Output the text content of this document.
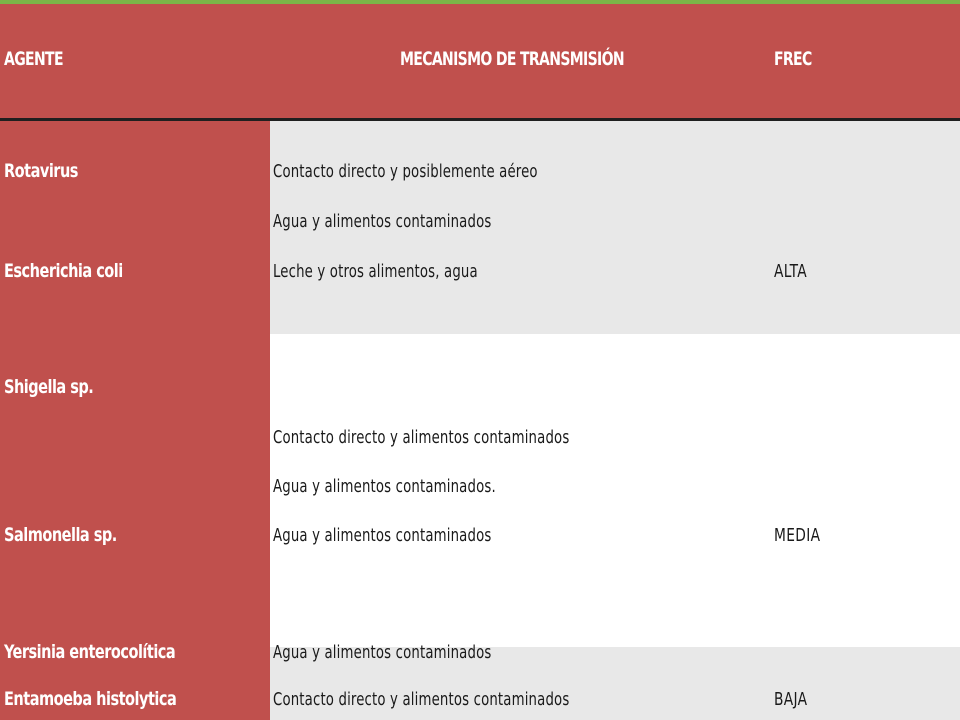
AGENTE	MECANISMO DE TRANSMISIÓN	FREC
Rotavirus
Escherichia coli
Shigella sp.
Salmonella sp.
Yersinia enterocolítica
Entamoeba histolytica
Contacto directo y posiblemente aéreo
Agua y alimentos contaminados
Leche y otros alimentos, agua
Contacto directo y alimentos contaminados
Agua y alimentos contaminados.
Agua y alimentos contaminados
Agua y alimentos contaminados
Contacto directo y alimentos contaminados
ALTA
MEDIA
BAJA
